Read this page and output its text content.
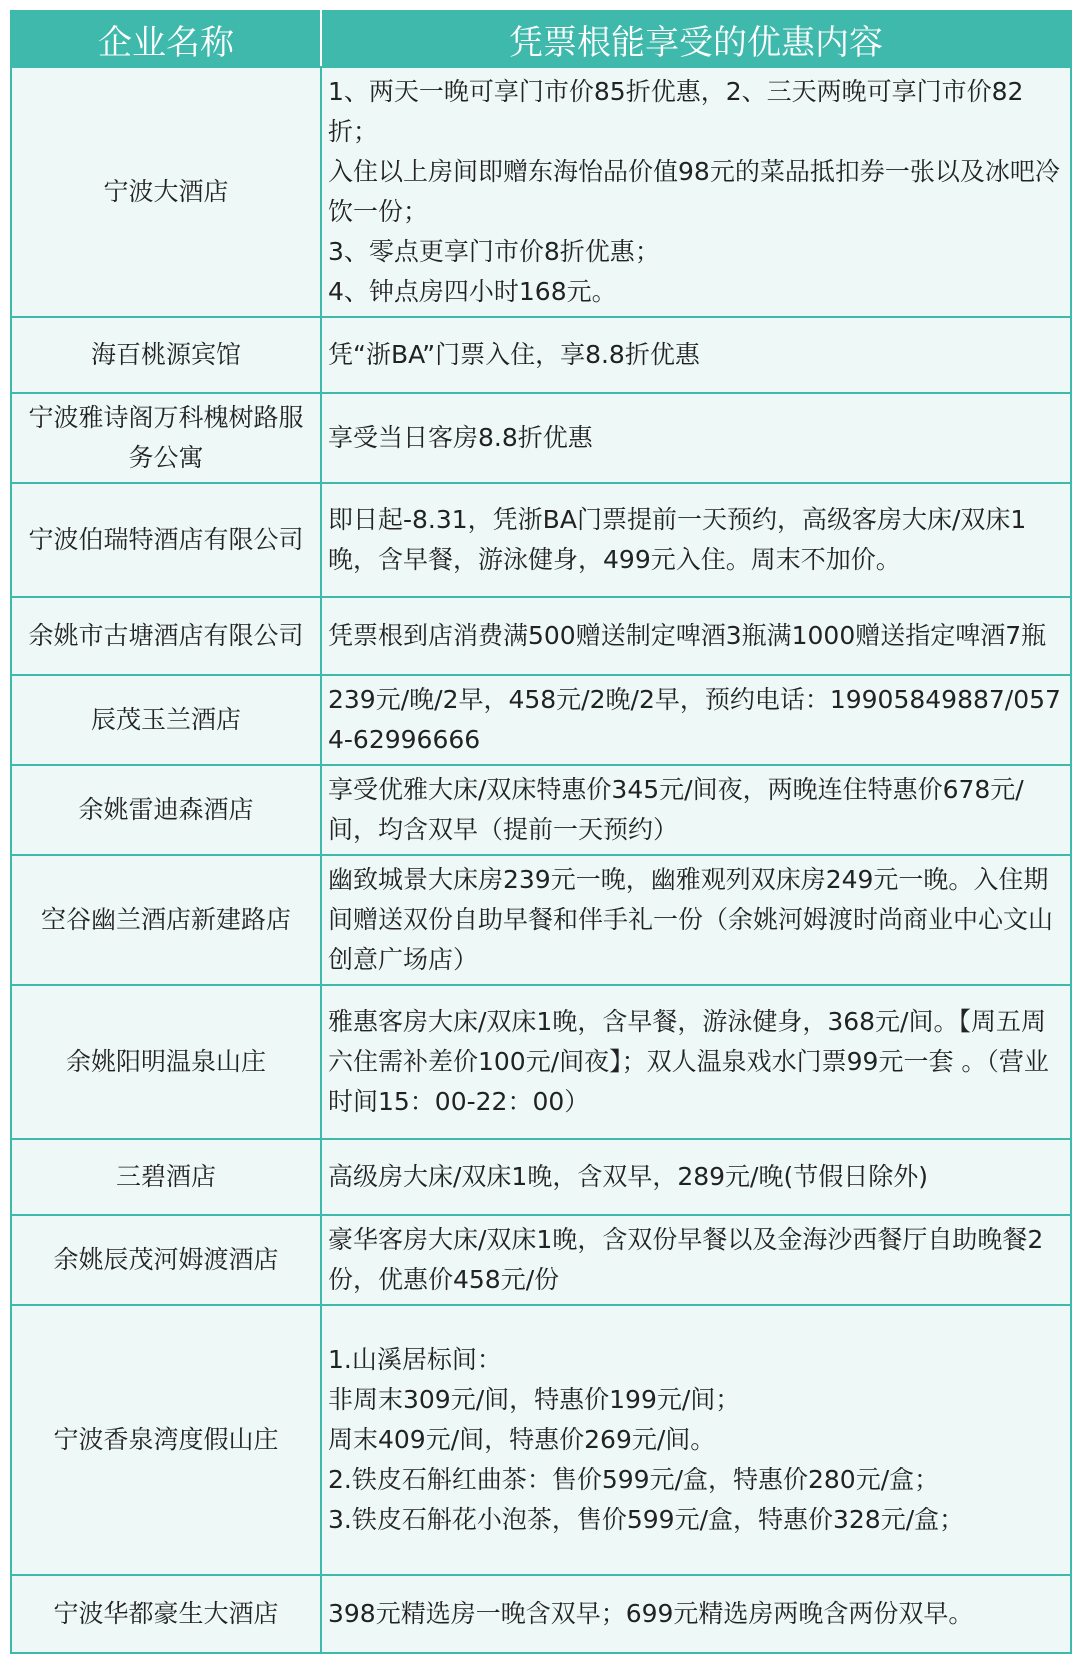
企业名称	凭票根能享受的优惠内容
宁波大酒店	1、两天一晚可享门市价85折优惠，2、三天两晚可享门市价82折；
入住以上房间即赠东海怡品价值98元的菜品抵扣券一张以及冰吧冷饮一份；
3、零点更享门市价8折优惠；
4、钟点房四小时168元。

海百桃源宾馆	凭“浙BA”门票入住，享8.8折优惠

宁波雅诗阁万科槐树路服务公寓	享受当日客房8.8折优惠

宁波伯瑞特酒店有限公司	即日起-8.31，凭浙BA门票提前一天预约，高级客房大床/双床1晚，含早餐，游泳健身，499元入住。周末不加价。

余姚市古塘酒店有限公司	凭票根到店消费满500赠送制定啤酒3瓶满1000赠送指定啤酒7瓶

辰茂玉兰酒店	239元/晚/2早，458元/2晚/2早，预约电话：19905849887/0574-62996666

余姚雷迪森酒店	享受优雅大床/双床特惠价345元/间夜，两晚连住特惠价678元/间，均含双早（提前一天预约）

空谷幽兰酒店新建路店	幽致城景大床房239元一晚，幽雅观列双床房249元一晚。入住期间赠送双份自助早餐和伴手礼一份（余姚河姆渡时尚商业中心文山创意广场店）

余姚阳明温泉山庄	雅惠客房大床/双床1晚，含早餐，游泳健身，368元/间。【周五周六住需补差价100元/间夜】；双人温泉戏水门票99元一套 。（营业时间15：00-22：00）

三碧酒店	高级房大床/双床1晚，含双早，289元/晚(节假日除外)

余姚辰茂河姆渡酒店	豪华客房大床/双床1晚，含双份早餐以及金海沙西餐厅自助晚餐2份，优惠价458元/份

宁波香泉湾度假山庄	1.山溪居标间：
非周末309元/间，特惠价199元/间；
周末409元/间，特惠价269元/间。
2.铁皮石斛红曲茶：售价599元/盒，特惠价280元/盒；
3.铁皮石斛花小泡茶，售价599元/盒，特惠价328元/盒；

宁波华都豪生大酒店	398元精选房一晚含双早；699元精选房两晚含两份双早。
